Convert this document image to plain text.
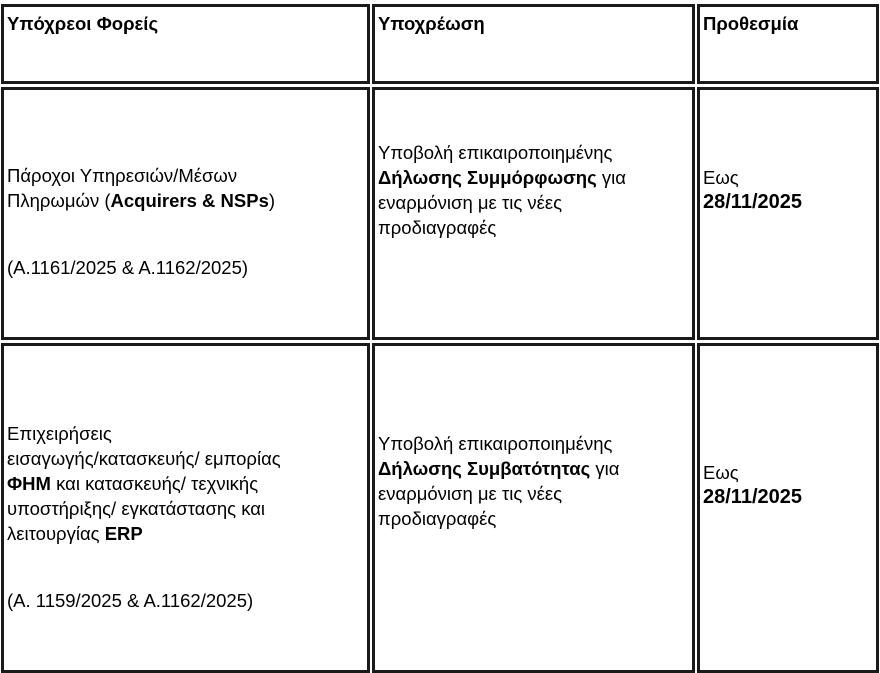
Υπόχρεοι Φορείς	Υποχρέωση	Προθεσμία
Πάροχοι Υπηρεσιών/Μέσων
Πληρωμών (Acquirers & NSPs)
(Α.1161/2025 & Α.1162/2025)
Υποβολή επικαιροποιημένης
Δήλωσης Συμμόρφωσης για
εναρμόνιση με τις νέες
προδιαγραφές
Εως
28/11/2025
Επιχειρήσεις
εισαγωγής/κατασκευής/ εμπορίας
ΦΗΜ και κατασκευής/ τεχνικής
υποστήριξης/ εγκατάστασης και
λειτουργίας ERP
(Α. 1159/2025 & Α.1162/2025)
Υποβολή επικαιροποιημένης
Δήλωσης Συμβατότητας για
εναρμόνιση με τις νέες
προδιαγραφές
Εως
28/11/2025
